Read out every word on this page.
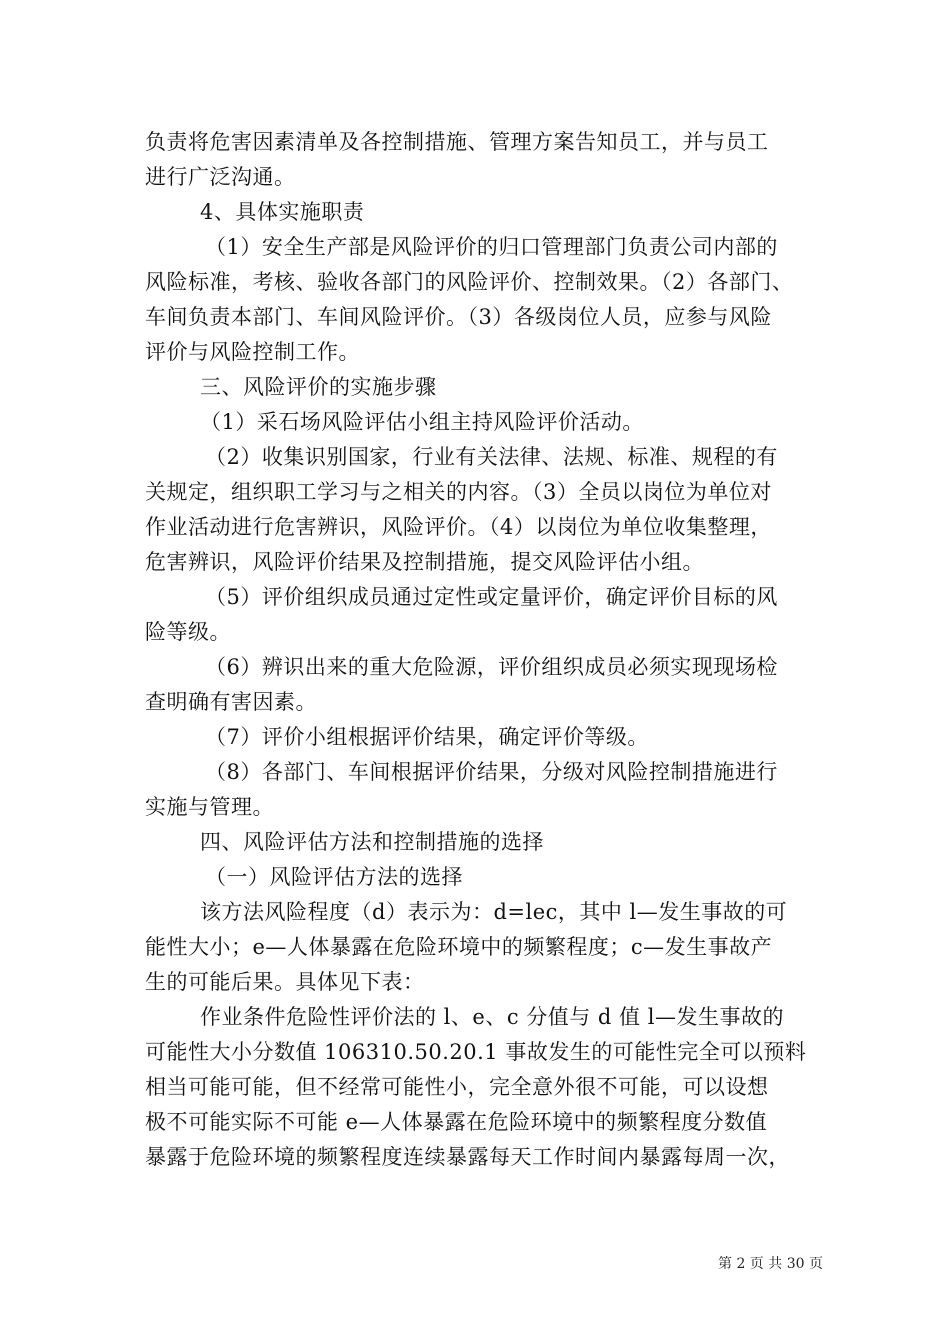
负责将危害因素清单及各控制措施、管理方案告知员工，并与员工
进行广泛沟通。
4、具体实施职责
（1）安全生产部是风险评价的归口管理部门负责公司内部的
风险标准，考核、验收各部门的风险评价、控制效果。（2）各部门、
车间负责本部门、车间风险评价。（3）各级岗位人员，应参与风险
评价与风险控制工作。
三、风险评价的实施步骤
（1）采石场风险评估小组主持风险评价活动。
（2）收集识别国家，行业有关法律、法规、标准、规程的有
关规定，组织职工学习与之相关的内容。（3）全员以岗位为单位对
作业活动进行危害辨识，风险评价。（4）以岗位为单位收集整理，
危害辨识，风险评价结果及控制措施，提交风险评估小组。
（5）评价组织成员通过定性或定量评价，确定评价目标的风
险等级。
（6）辨识出来的重大危险源，评价组织成员必须实现现场检
查明确有害因素。
（7）评价小组根据评价结果，确定评价等级。
（8）各部门、车间根据评价结果，分级对风险控制措施进行
实施与管理。
四、风险评估方法和控制措施的选择
（一）风险评估方法的选择
该方法风险程度（d）表示为：d=lec，其中 l—发生事故的可
能性大小；e—人体暴露在危险环境中的频繁程度；c—发生事故产
生的可能后果。具体见下表：
作业条件危险性评价法的 l、e、c 分值与 d 值 l—发生事故的
可能性大小分数值 106310.50.20.1 事故发生的可能性完全可以预料
相当可能可能，但不经常可能性小，完全意外很不可能，可以设想
极不可能实际不可能 e—人体暴露在危险环境中的频繁程度分数值
暴露于危险环境的频繁程度连续暴露每天工作时间内暴露每周一次，
第 2 页 共 30 页
